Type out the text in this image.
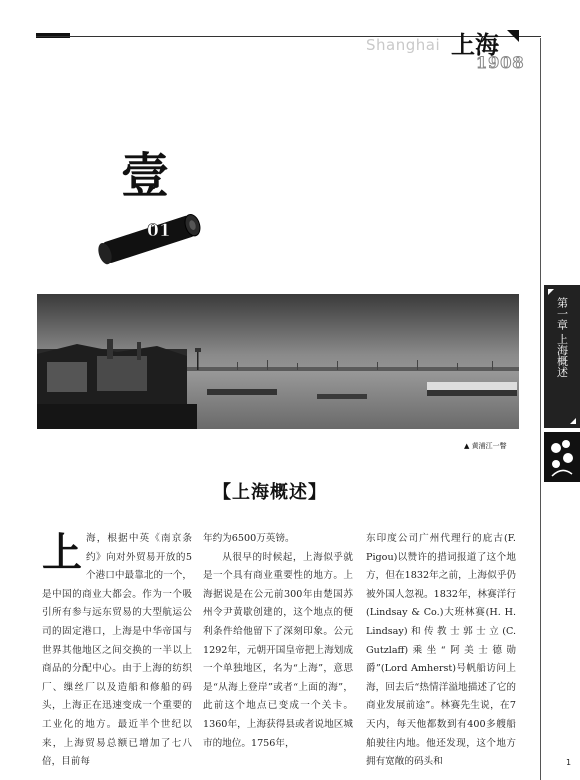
Shanghai 上海
1908
壹
01
▲ 黄浦江一瞥
第一章 上海概述
【上海概述】
上 海，根据中英《南京条约》向对外贸易开放的5个港口中最靠北的一个，是中国的商业大都会。作为一个吸引所有参与远东贸易的大型航运公司的固定港口，上海是中华帝国与世界其他地区之间交换的一半以上商品的分配中心。由于上海的纺织厂、缫丝厂以及造船和修船的码头，上海正在迅速变成一个重要的工业化的地方。最近半个世纪以来，上海贸易总额已增加了七八倍，目前每

年约为6500万英镑。

从很早的时候起，上海似乎就是一个具有商业重要性的地方。上海据说是在公元前300年由楚国苏州令尹黄歇创建的，这个地点的便利条件给他留下了深刻印象。公元1292年，元朝开国皇帝把上海划成一个单独地区，名为“上海”，意思是“从海上登岸”或者“上面的海”，此前这个地点已变成一个关卡。1360年，上海获得县或者说地区城市的地位。1756年，

东印度公司广州代理行的庇古(F. Pigou)以赞许的措词报道了这个地方，但在1832年之前，上海似乎仍被外国人忽视。1832年，林赛洋行(Lindsay & Co.)大班林赛(H. H. Lindsay)和传教士郭士立(C. Gutzlaff)乘坐“阿美士德勋爵”(Lord Amherst)号帆船访问上海，回去后“热情洋溢地描述了它的商业发展前途”。林赛先生说，在7天内，每天他都数到有400多艘船舶驶往内地。他还发现，这个地方拥有宽敞的码头和	1
